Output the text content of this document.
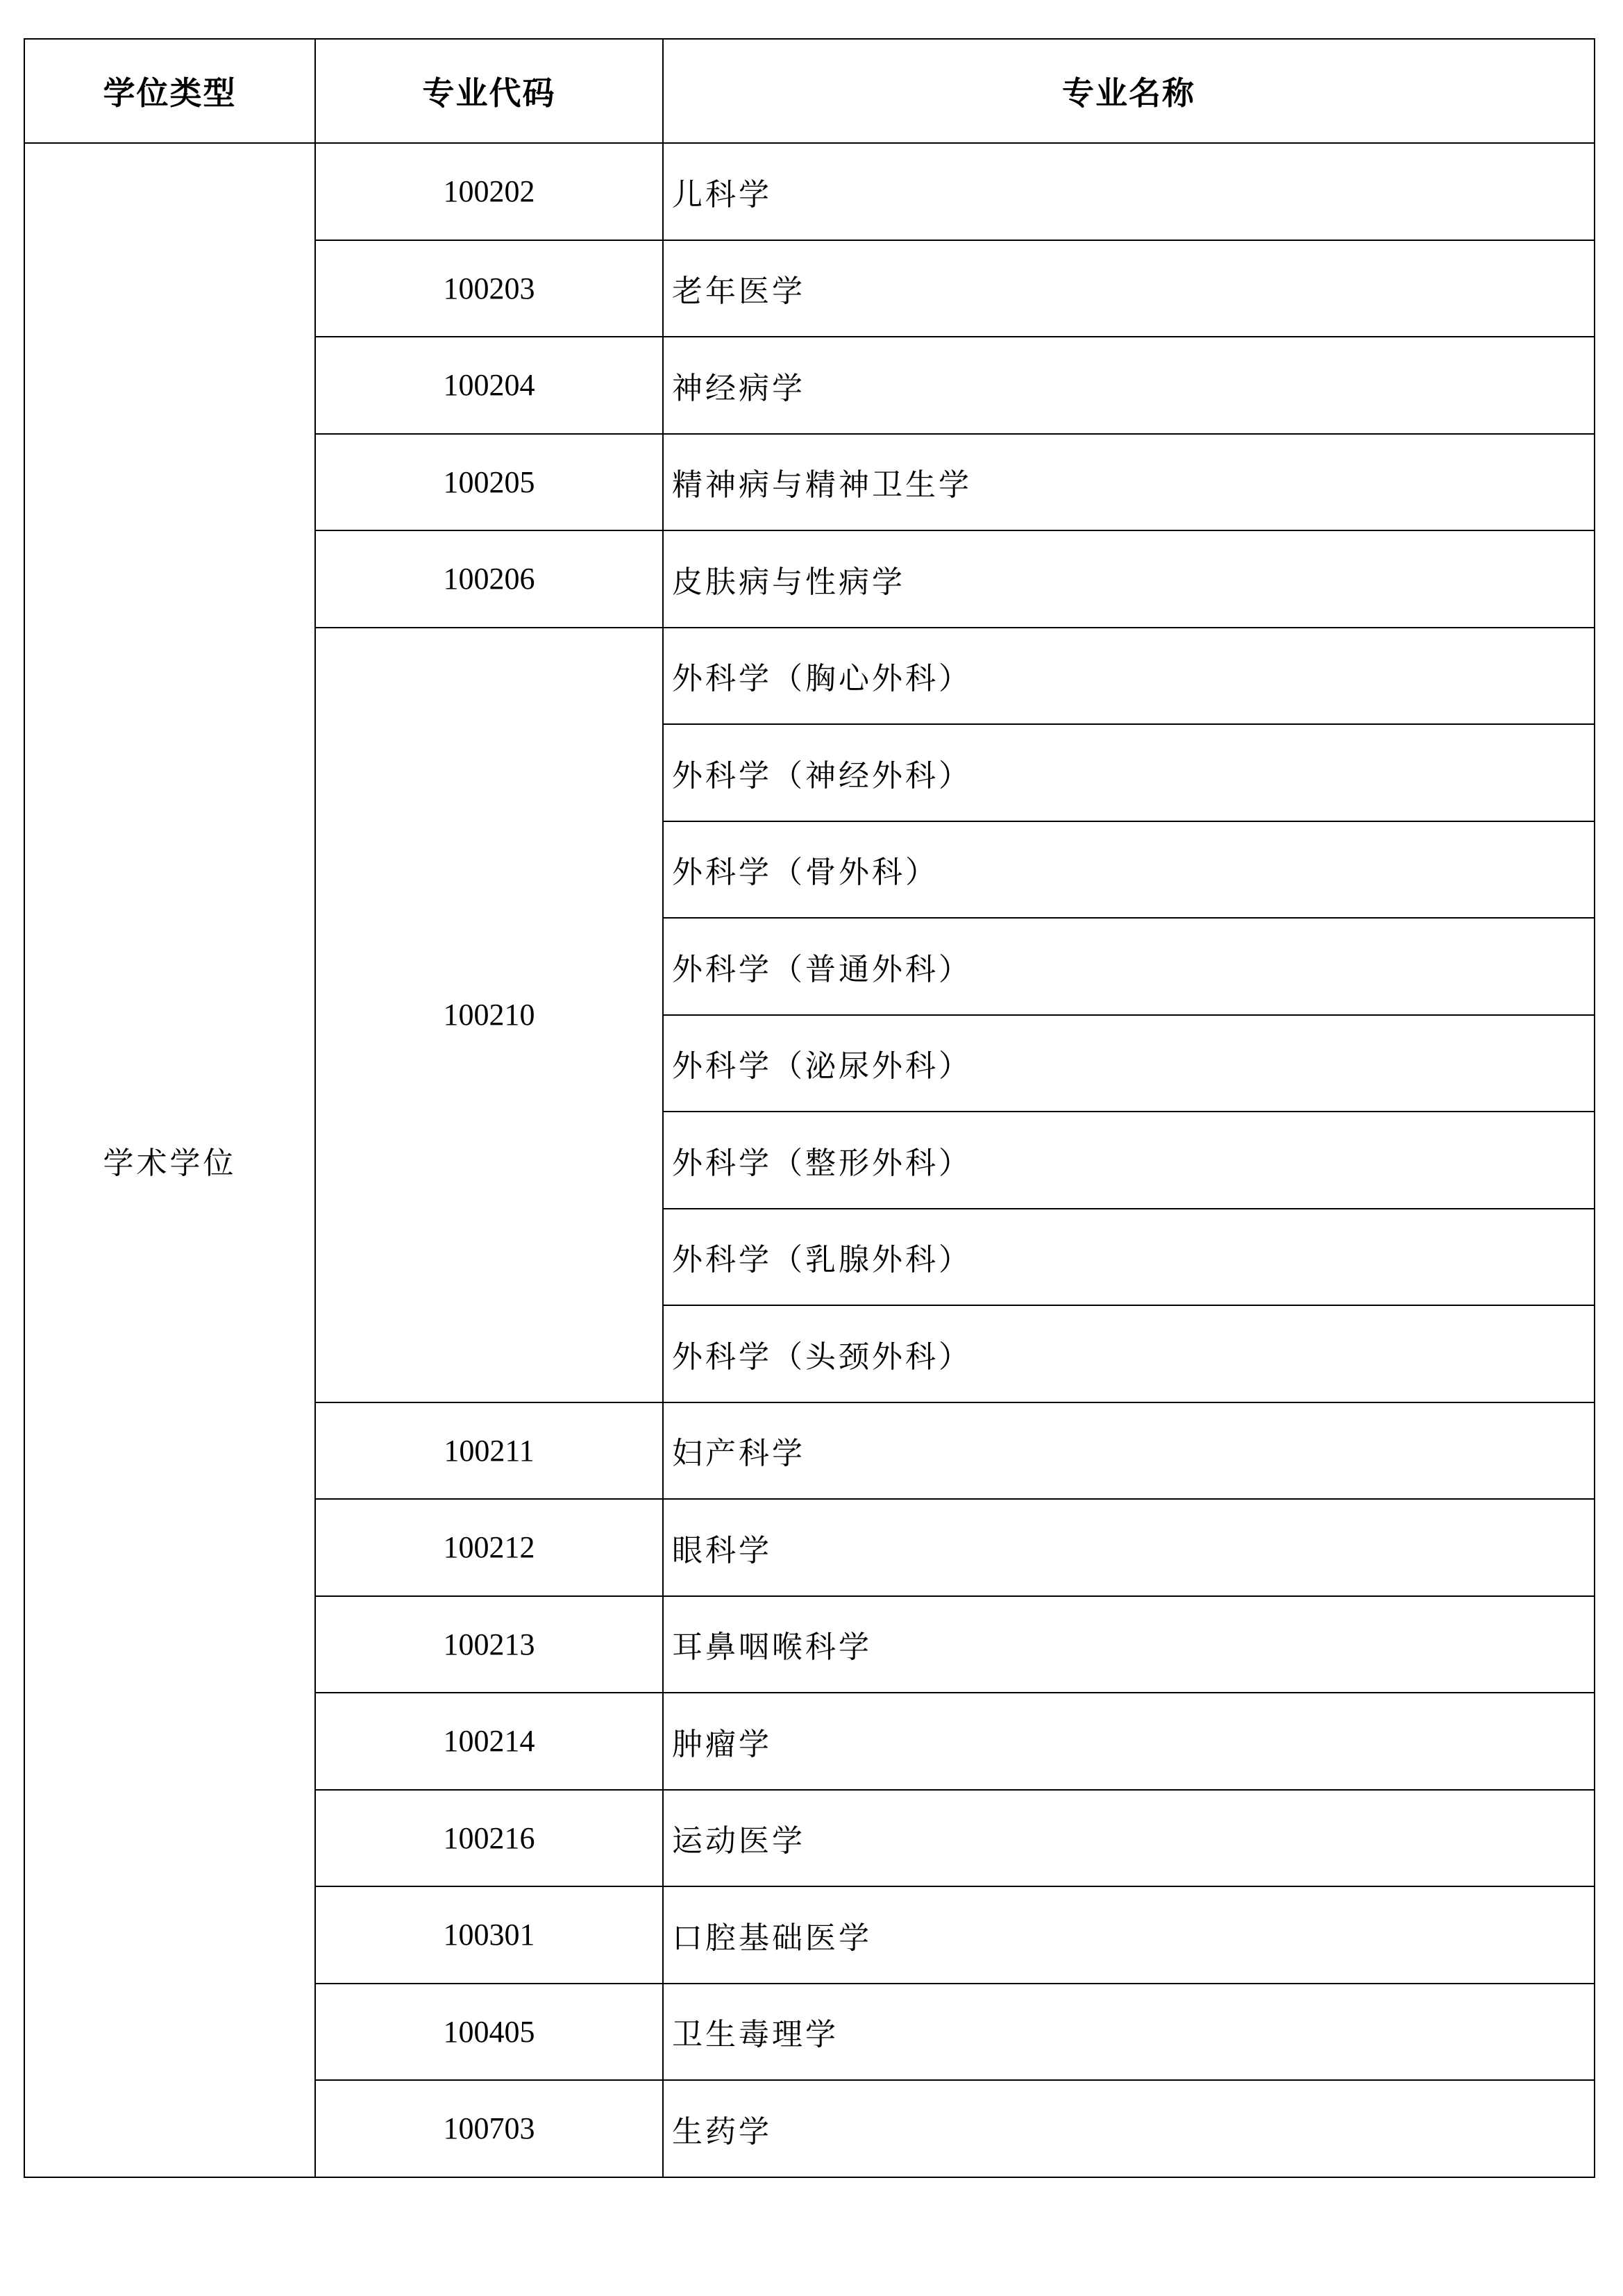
学位类型	专业代码	专业名称
学术学位	100202	儿科学
	100203	老年医学
	100204	神经病学
	100205	精神病与精神卫生学
	100206	皮肤病与性病学
	100210	外科学（胸心外科）
		外科学（神经外科）
		外科学（骨外科）
		外科学（普通外科）
		外科学（泌尿外科）
		外科学（整形外科）
		外科学（乳腺外科）
		外科学（头颈外科）
	100211	妇产科学
	100212	眼科学
	100213	耳鼻咽喉科学
	100214	肿瘤学
	100216	运动医学
	100301	口腔基础医学
	100405	卫生毒理学
	100703	生药学
